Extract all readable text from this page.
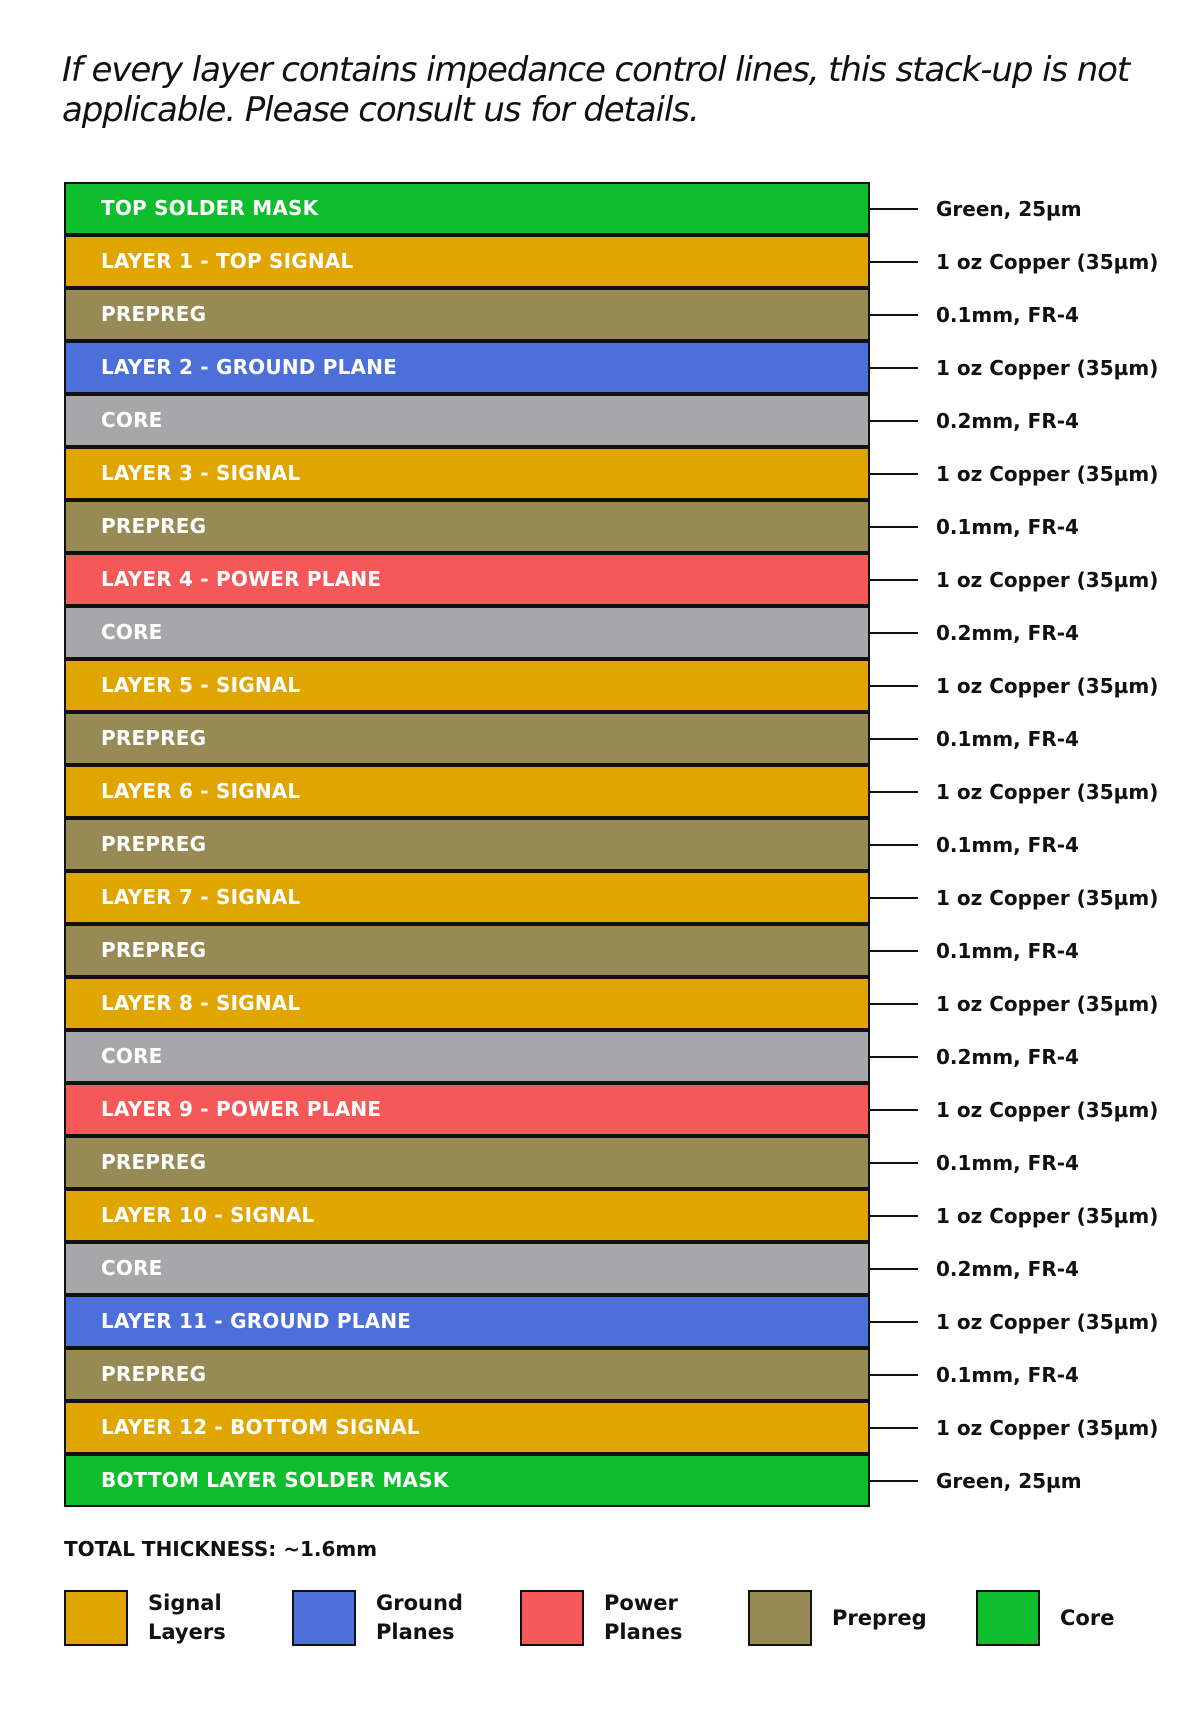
If every layer contains impedance control lines, this stack-up is not applicable. Please consult us for details.

TOP SOLDER MASK	Green, 25µm
LAYER 1 - TOP SIGNAL	1 oz Copper (35µm)
PREPREG	0.1mm, FR-4
LAYER 2 - GROUND PLANE	1 oz Copper (35µm)
CORE	0.2mm, FR-4
LAYER 3 - SIGNAL	1 oz Copper (35µm)
PREPREG	0.1mm, FR-4
LAYER 4 - POWER PLANE	1 oz Copper (35µm)
CORE	0.2mm, FR-4
LAYER 5 - SIGNAL	1 oz Copper (35µm)
PREPREG	0.1mm, FR-4
LAYER 6 - SIGNAL	1 oz Copper (35µm)
PREPREG	0.1mm, FR-4
LAYER 7 - SIGNAL	1 oz Copper (35µm)
PREPREG	0.1mm, FR-4
LAYER 8 - SIGNAL	1 oz Copper (35µm)
CORE	0.2mm, FR-4
LAYER 9 - POWER PLANE	1 oz Copper (35µm)
PREPREG	0.1mm, FR-4
LAYER 10 - SIGNAL	1 oz Copper (35µm)
CORE	0.2mm, FR-4
LAYER 11 - GROUND PLANE	1 oz Copper (35µm)
PREPREG	0.1mm, FR-4
LAYER 12 - BOTTOM SIGNAL	1 oz Copper (35µm)
BOTTOM LAYER SOLDER MASK	Green, 25µm

TOTAL THICKNESS: ~1.6mm

Signal
Layers
Ground
Planes
Power
Planes
Prepreg	Core
